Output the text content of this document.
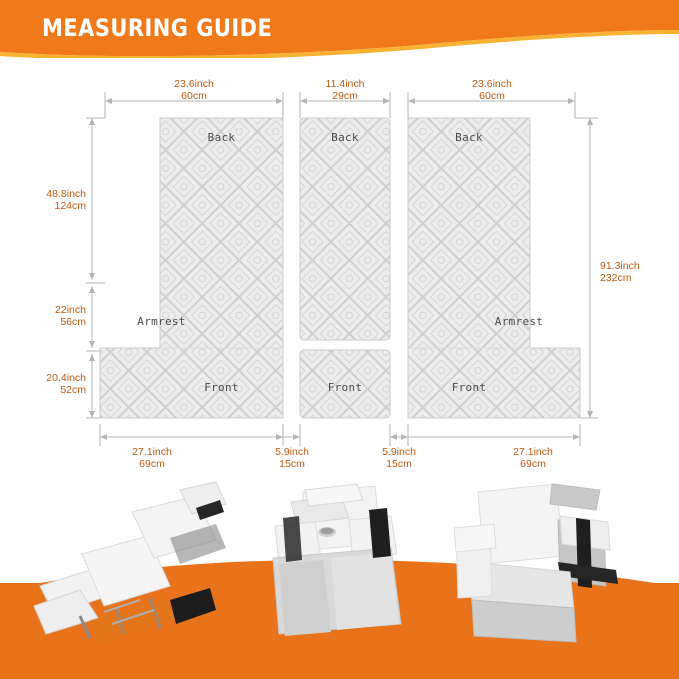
MEASURING GUIDE
23.6inch
60cm
11.4inch
29cm
23.6inch
60cm
48.8inch
124cm
22inch
56cm
20.4inch
52cm
91.3inch
232cm
27.1inch
69cm
5.9inch
15cm
5.9inch
15cm
27.1inch
69cm
Back	Back	Back
Armrest	Armrest
Front	Front	Front
